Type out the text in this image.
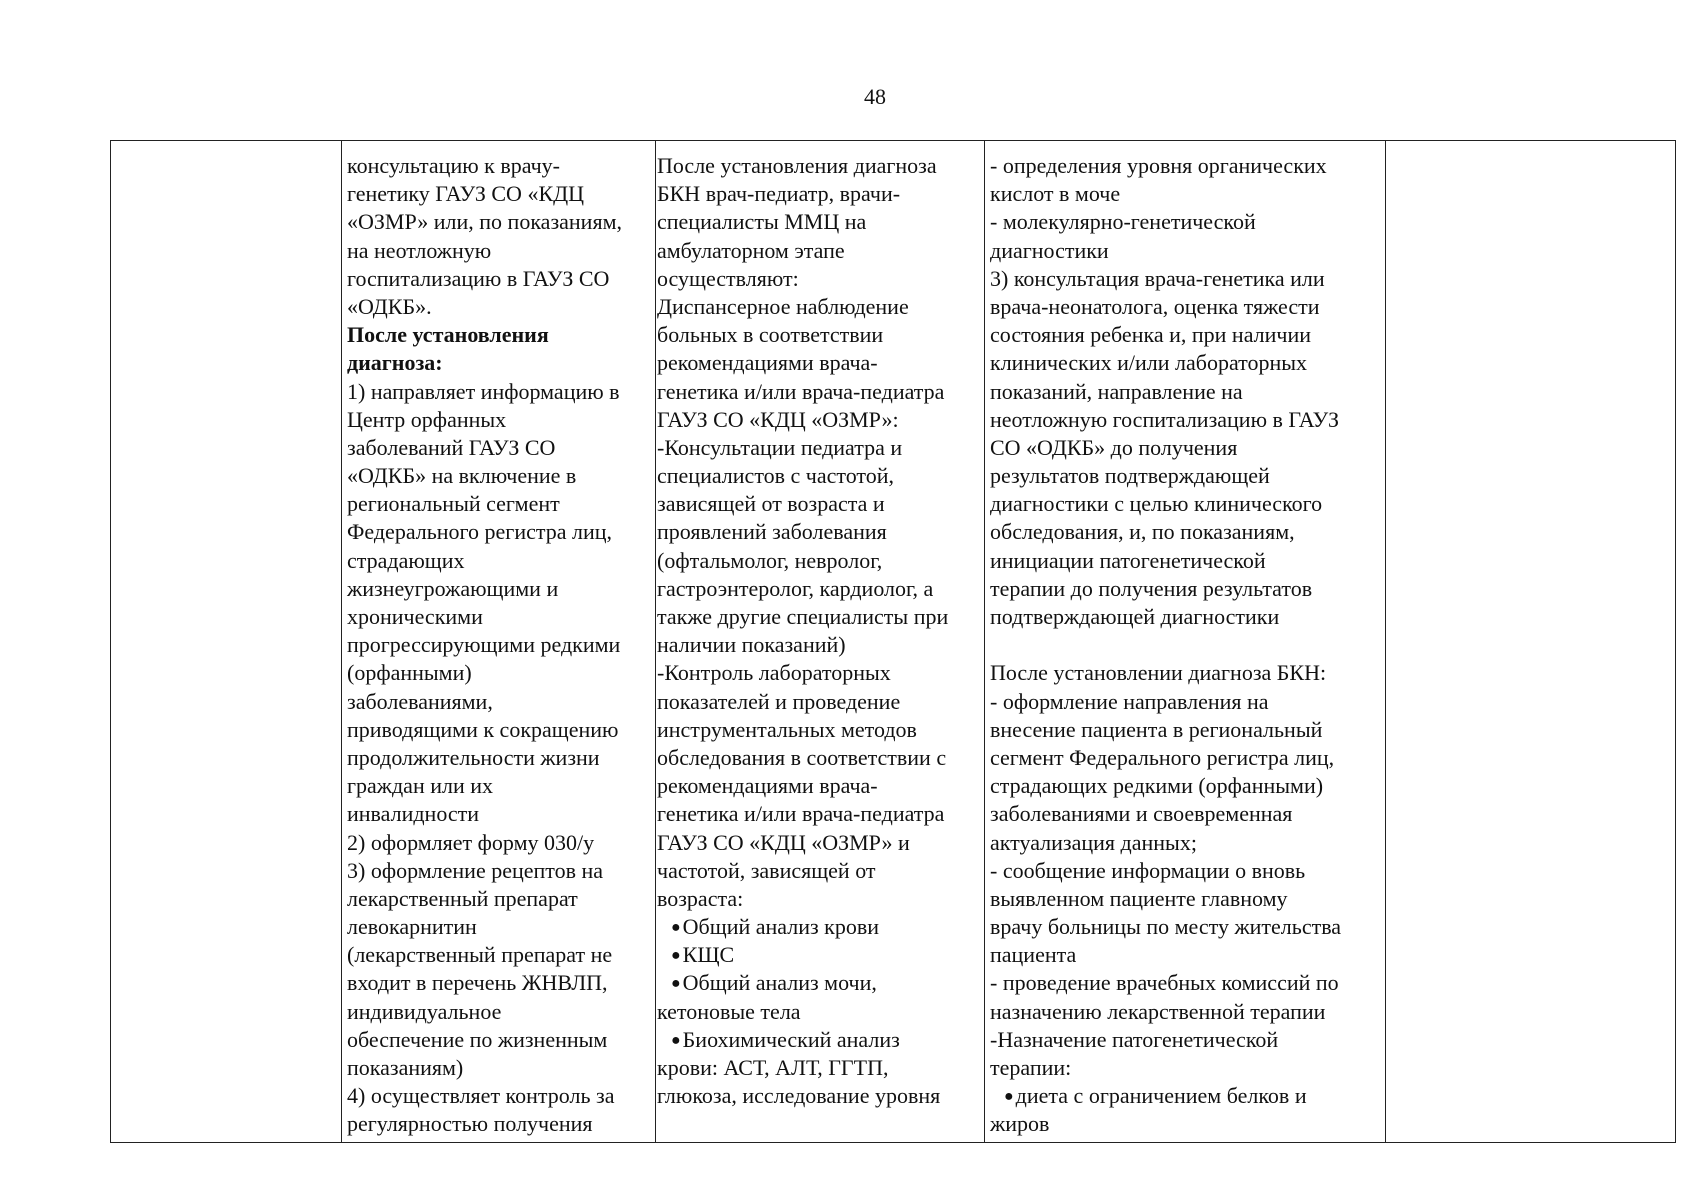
48
консультацию к врачу-
генетику ГАУЗ СО «КДЦ
«ОЗМР» или, по показаниям,
на неотложную
госпитализацию в ГАУЗ СО
«ОДКБ».
После установления
диагноза:
1) направляет информацию в
Центр орфанных
заболеваний ГАУЗ СО
«ОДКБ» на включение в
региональный сегмент
Федерального регистра лиц,
страдающих
жизнеугрожающими и
хроническими
прогрессирующими редкими
(орфанными)
заболеваниями,
приводящими к сокращению
продолжительности жизни
граждан или их
инвалидности
2) оформляет форму 030/у
3) оформление рецептов на
лекарственный препарат
левокарнитин
(лекарственный препарат не
входит в перечень ЖНВЛП,
индивидуальное
обеспечение по жизненным
показаниям)
4) осуществляет контроль за
регулярностью получения
После установления диагноза
БКН врач-педиатр, врачи-
специалисты ММЦ на
амбулаторном этапе
осуществляют:
Диспансерное наблюдение
больных в соответствии
рекомендациями врача-
генетика и/или врача-педиатра
ГАУЗ СО «КДЦ «ОЗМР»:
-Консультации педиатра и
специалистов с частотой,
зависящей от возраста и
проявлений заболевания
(офтальмолог, невролог,
гастроэнтеролог, кардиолог, а
также другие специалисты при
наличии показаний)
-Контроль лабораторных
показателей и проведение
инструментальных методов
обследования в соответствии с
рекомендациями врача-
генетика и/или врача-педиатра
ГАУЗ СО «КДЦ «ОЗМР» и
частотой, зависящей от
возраста:
●Общий анализ крови
●КЩС
●Общий анализ мочи,
кетоновые тела
●Биохимический анализ
крови: АСТ, АЛТ, ГГТП,
глюкоза, исследование уровня
- определения уровня органических
кислот в моче
- молекулярно-генетической
диагностики
3) консультация врача-генетика или
врача-неонатолога, оценка тяжести
состояния ребенка и, при наличии
клинических и/или лабораторных
показаний, направление на
неотложную госпитализацию в ГАУЗ
СО «ОДКБ» до получения
результатов подтверждающей
диагностики с целью клинического
обследования, и, по показаниям,
инициации патогенетической
терапии до получения результатов
подтверждающей диагностики
После установлении диагноза БКН:
- оформление направления на
внесение пациента в региональный
сегмент Федерального регистра лиц,
страдающих редкими (орфанными)
заболеваниями и своевременная
актуализация данных;
- сообщение информации о вновь
выявленном пациенте главному
врачу больницы по месту жительства
пациента
- проведение врачебных комиссий по
назначению лекарственной терапии
-Назначение патогенетической
терапии:
●диета с ограничением белков и
жиров
